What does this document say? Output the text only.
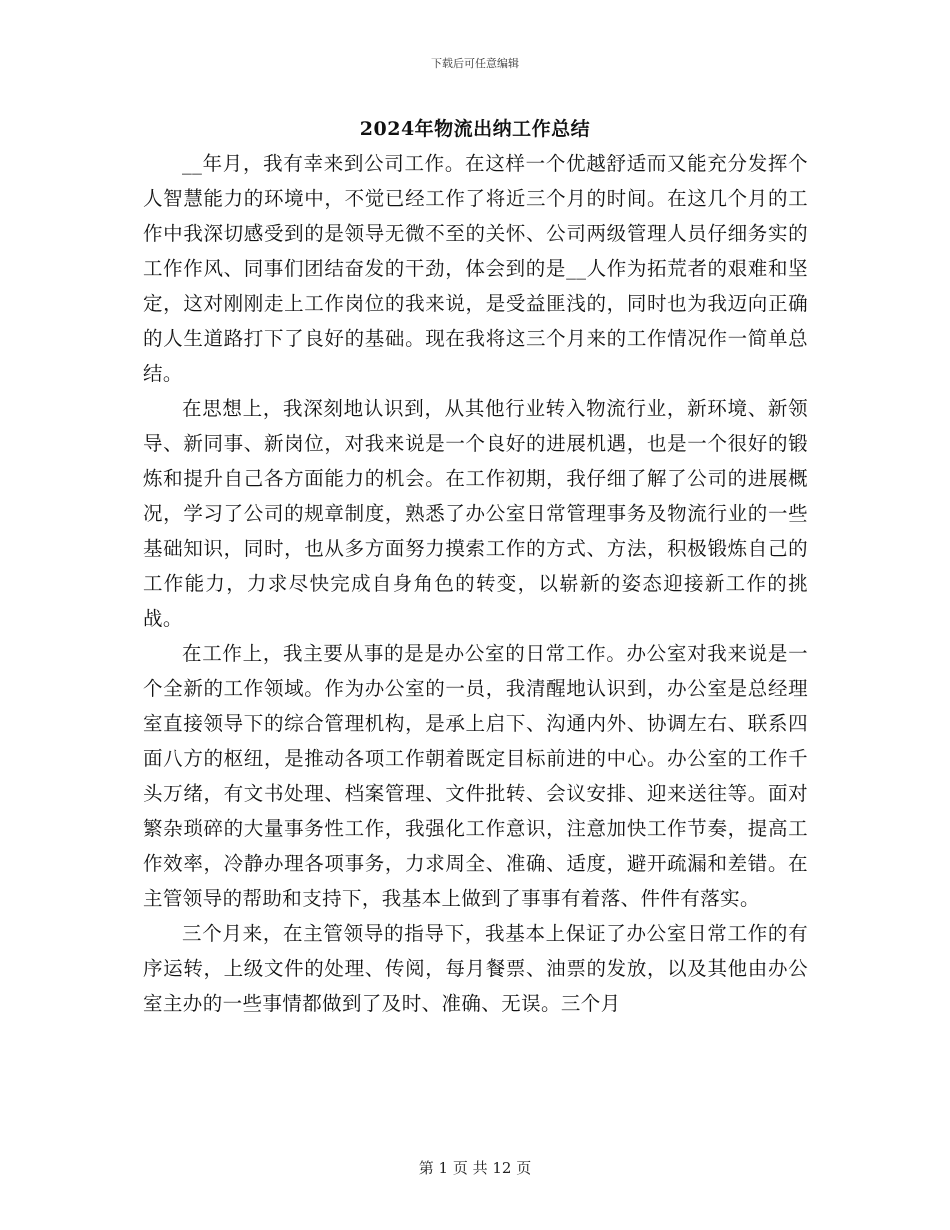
下载后可任意编辑
2024年物流出纳工作总结

__年月，我有幸来到公司工作。在这样一个优越舒适而又能充分发挥个人智慧能力的环境中，不觉已经工作了将近三个月的时间。在这几个月的工作中我深切感受到的是领导无微不至的关怀、公司两级管理人员仔细务实的工作作风、同事们团结奋发的干劲，体会到的是__人作为拓荒者的艰难和坚定，这对刚刚走上工作岗位的我来说，是受益匪浅的，同时也为我迈向正确的人生道路打下了良好的基础。现在我将这三个月来的工作情况作一简单总结。

在思想上，我深刻地认识到，从其他行业转入物流行业，新环境、新领导、新同事、新岗位，对我来说是一个良好的进展机遇，也是一个很好的锻炼和提升自己各方面能力的机会。在工作初期，我仔细了解了公司的进展概况，学习了公司的规章制度，熟悉了办公室日常管理事务及物流行业的一些基础知识，同时，也从多方面努力摸索工作的方式、方法，积极锻炼自己的工作能力，力求尽快完成自身角色的转变，以崭新的姿态迎接新工作的挑战。

在工作上，我主要从事的是是办公室的日常工作。办公室对我来说是一个全新的工作领域。作为办公室的一员，我清醒地认识到，办公室是总经理室直接领导下的综合管理机构，是承上启下、沟通内外、协调左右、联系四面八方的枢纽，是推动各项工作朝着既定目标前进的中心。办公室的工作千头万绪，有文书处理、档案管理、文件批转、会议安排、迎来送往等。面对繁杂琐碎的大量事务性工作，我强化工作意识，注意加快工作节奏，提高工作效率，冷静办理各项事务，力求周全、准确、适度，避开疏漏和差错。在主管领导的帮助和支持下，我基本上做到了事事有着落、件件有落实。

三个月来，在主管领导的指导下，我基本上保证了办公室日常工作的有序运转，上级文件的处理、传阅，每月餐票、油票的发放，以及其他由办公室主办的一些事情都做到了及时、准确、无误。三个月

第 1 页 共 12 页
